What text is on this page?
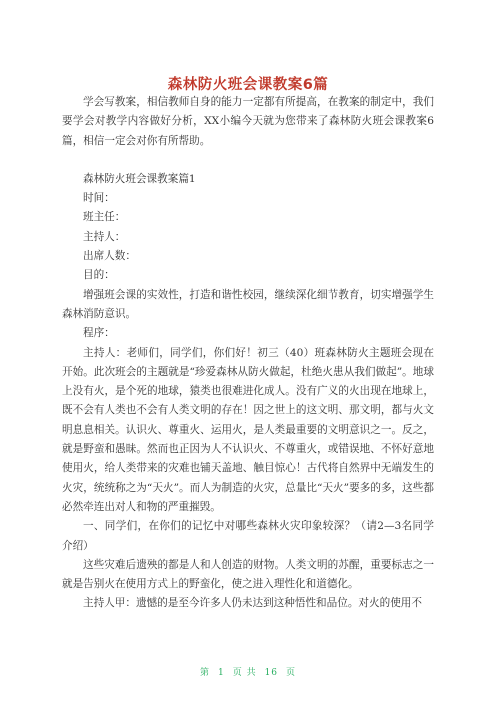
森林防火班会课教案6篇

学会写教案，相信教师自身的能力一定都有所提高，在教案的制定中，我们要学会对教学内容做好分析，XX小编今天就为您带来了森林防火班会课教案6篇，相信一定会对你有所帮助。

森林防火班会课教案篇1

时间：

班主任：

主持人：

出席人数：

目的：

增强班会课的实效性，打造和谐性校园，继续深化细节教育，切实增强学生森林消防意识。

程序：

主持人：老师们，同学们，你们好！初三（40）班森林防火主题班会现在开始。此次班会的主题就是“珍爱森林从防火做起，杜绝火患从我们做起”。地球上没有火，是个死的地球，猿类也很难进化成人。没有广义的火出现在地球上，既不会有人类也不会有人类文明的存在！因之世上的这文明、那文明，都与火文明息息相关。认识火、尊重火、运用火，是人类最重要的文明意识之一。反之，就是野蛮和愚昧。然而也正因为人不认识火、不尊重火，或错误地、不怀好意地使用火，给人类带来的灾难也铺天盖地、触目惊心！古代将自然界中无端发生的火灾，统统称之为“天火”。而人为制造的火灾，总量比“天火”要多的多，这些都必然牵连出对人和物的严重摧毁。

一、同学们，在你们的记忆中对哪些森林火灾印象较深？（请2—3名同学介绍）

这些灾难后遗殃的都是人和人创造的财物。人类文明的苏醒，重要标志之一就是告别火在使用方式上的野蛮化，使之进入理性化和道德化。

主持人甲：遗憾的是至今许多人仍未达到这种悟性和品位。对火的使用不

第 1 页 共 16 页
